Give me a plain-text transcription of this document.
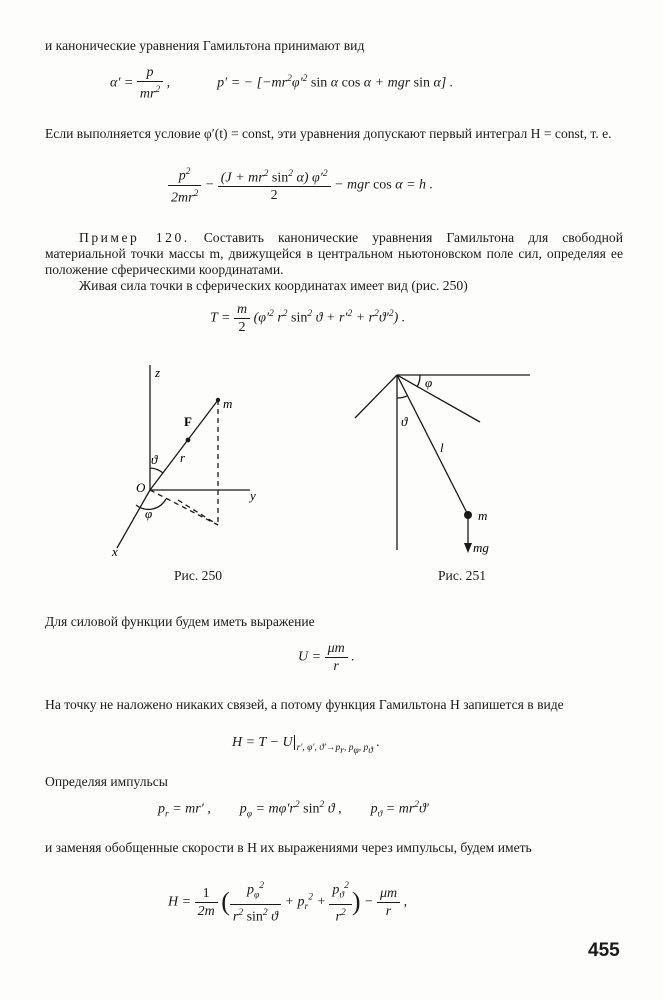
и канонические уравнения Гамильтона принимают вид
$\alpha' = \frac{p}{mr^2}$ ,	p′ = − [$-mr^2\varphi'^2$ sin α cos α + mgr sin α] .
Если выполняется условие φ′(t) = const, эти уравнения допускают первый интеграл H = const, т. е.
$\frac{p^2}{2mr^2} - \frac{(J + mr^2 \sin^2 \alpha) \varphi'^2}{2}$ − mgr cos α = h .
Пример 120. Составить канонические уравнения Гамильтона для свободной материальной точки массы m, движущейся в центральном ньютоновском поле сил, определяя ее положение сферическими координатами.
Живая сила точки в сферических координатах имеет вид (рис. 250)
$T = \frac{m}{2} (\varphi'^2$ $r^2$ $\sin^2 ϑ + r'^2 + r^2ϑ'^2$) .
z
y
x
O
F
m
r
ϑ
φ
Рис. 250
φ
ϑ
l
m
mg
Рис. 251
Для силовой функции будем иметь выражение
$U = \frac{\mu m}{r}$ .
На точку не наложено никаких связей, а потому функция Гамильтона H запишется в виде
H = T − U $_{r', \varphi', ϑ'\to p_r, p_\varphi, p_ϑ}$ .
Определяя импульсы
$p_r = mr'$ ,  $p_\varphi = m\varphi'r^2$ $\sin^2 ϑ$ ,  $p_ϑ = mr^2ϑ'$
и заменяя обобщенные скорости в H их выражениями через импульсы, будем иметь
$H = \frac{1}{2m}$ ( $\frac{p_\varphi^2}{r^2 \sin^2 ϑ} + p_r^2 + \frac{p_ϑ^2}{r^2}$ ) − $\frac{\mu m}{r}$ ,
455
